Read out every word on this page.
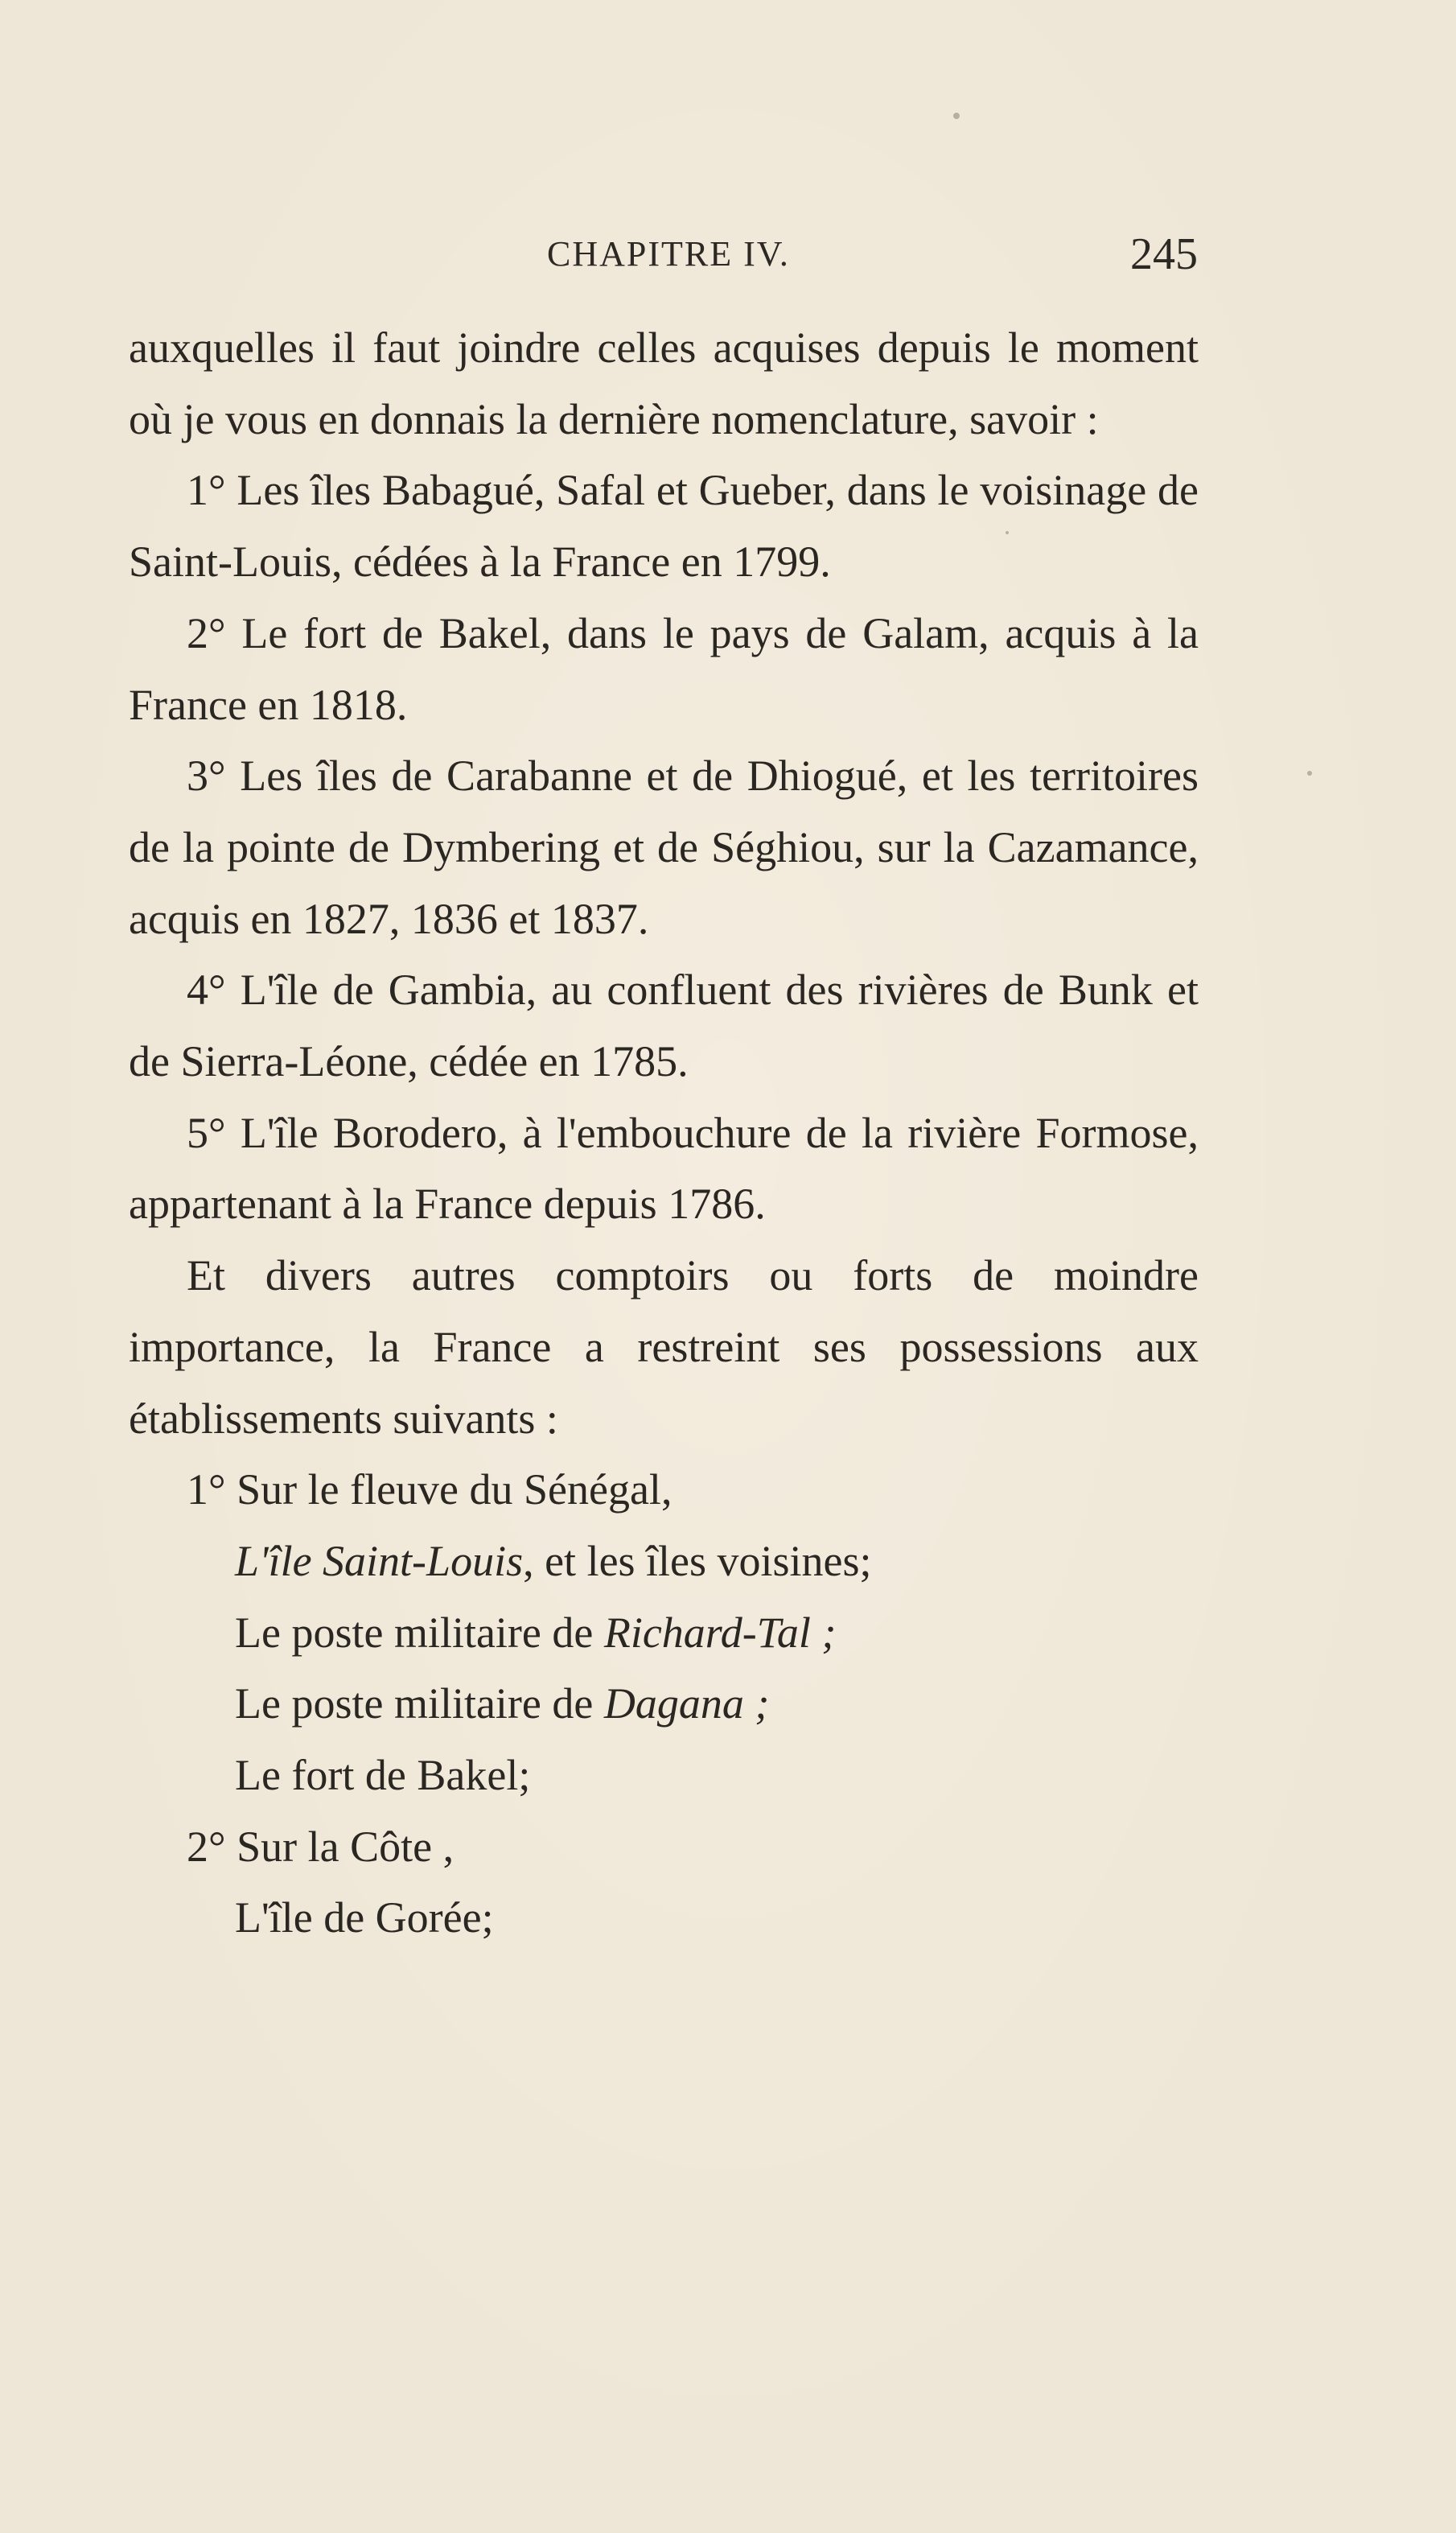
CHAPITRE IV.	245

auxquelles il faut joindre celles acquises depuis le moment où je vous en donnais la dernière nomenclature, savoir :

1° Les îles Babagué, Safal et Gueber, dans le voisinage de Saint-Louis, cédées à la France en 1799.

2° Le fort de Bakel, dans le pays de Galam, acquis à la France en 1818.

3° Les îles de Carabanne et de Dhiogué, et les territoires de la pointe de Dymbering et de Séghiou, sur la Cazamance, acquis en 1827, 1836 et 1837.

4° L'île de Gambia, au confluent des rivières de Bunk et de Sierra-Léone, cédée en 1785.

5° L'île Borodero, à l'embouchure de la rivière Formose, appartenant à la France depuis 1786.

Et divers autres comptoirs ou forts de moindre importance, la France a restreint ses possessions aux établissements suivants :

1° Sur le fleuve du Sénégal,

L'île Saint-Louis, et les îles voisines;

Le poste militaire de Richard-Tal ;

Le poste militaire de Dagana ;

Le fort de Bakel;

2° Sur la Côte ,

L'île de Gorée;
